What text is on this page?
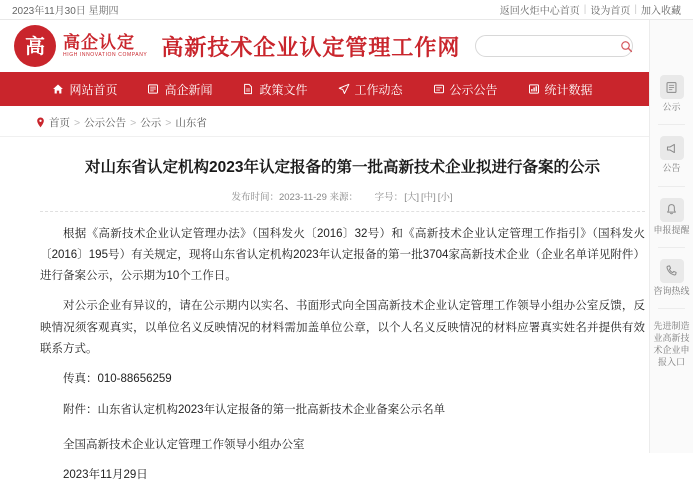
2023年11月30日 星期四	返回火炬中心首页 | 设为首页 | 加入收藏
高 高企认定
HIGH INNOVATION COMPANY 高新技术企业认定管理工作网
网站首页	高企新闻	政策文件	工作动态	公示公告	统计数据
首页 > 公示公告 > 公示 > 山东省
对山东省认定机构2023年认定报备的第一批高新技术企业拟进行备案的公示
发布时间：2023-11-29 来源： 字号：[大] [中] [小]

根据《高新技术企业认定管理办法》（国科发火〔2016〕32号）和《高新技术企业认定管理工作指引》（国科发火〔2016〕195号）有关规定，现将山东省认定机构2023年认定报备的第一批3704家高新技术企业（企业名单详见附件）进行备案公示，公示期为10个工作日。

对公示企业有异议的，请在公示期内以实名、书面形式向全国高新技术企业认定管理工作领导小组办公室反馈，反映情况须客观真实，以单位名义反映情况的材料需加盖单位公章，以个人名义反映情况的材料应署真实姓名并提供有效联系方式。

传真：010-88656259

附件：山东省认定机构2023年认定报备的第一批高新技术企业备案公示名单

全国高新技术企业认定管理工作领导小组办公室

2023年11月29日

公示
公告
申报提醒
咨询热线
先进制造业高新技术企业申报入口
